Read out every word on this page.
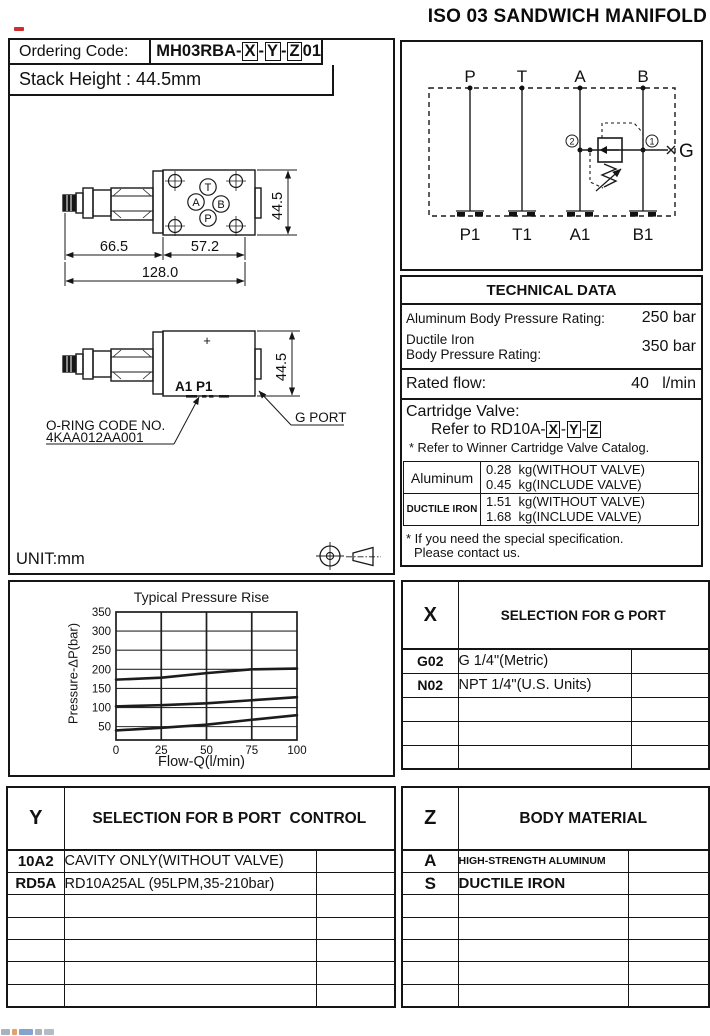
ISO 03 SANDWICH MANIFOLD
Ordering Code:	MH03RBA- X - Y - Z 01
Stack Height : 44.5mm
T
A B
P	44.5
66.5	57.2
128.0
+
A1 P1
44.5
G PORT
O-RING CODE NO.
4KAA012AA001
UNIT:mm
P T	A	B
2	1 G
P1 T1 A1 B1
TECHNICAL DATA
Aluminum Body Pressure Rating: 250 bar
Ductile Iron
Body Pressure Rating:	350 bar
Rated flow:	40 l/min
Cartridge Valve:
Refer to RD10A- X - Y - Z
* Refer to Winner Cartridge Valve Catalog.
Aluminum	0.28  kg(WITHOUT VALVE)
0.45  kg(INCLUDE VALVE)
DUCTILE IRON	1.51  kg(WITHOUT VALVE)
1.68  kg(INCLUDE VALVE)
* If you need the special specification.
Please contact us.
Typical Pressure Rise
Pressure-ΔP(bar)
Flow-Q(l/min)
50
100
150
200
250
300
350
0	25	50	75	100
X	SELECTION FOR G PORT	
G02	G 1/4"(Metric)	
N02	NPT 1/4"(U.S. Units)	

Y	SELECTION FOR B PORT  CONTROL	
10A2	CAVITY ONLY(WITHOUT VALVE)	
RD5A	RD10A25AL (95LPM,35-210bar)	

Z	BODY MATERIAL	
A	HIGH-STRENGTH ALUMINUM	
S	DUCTILE IRON	
